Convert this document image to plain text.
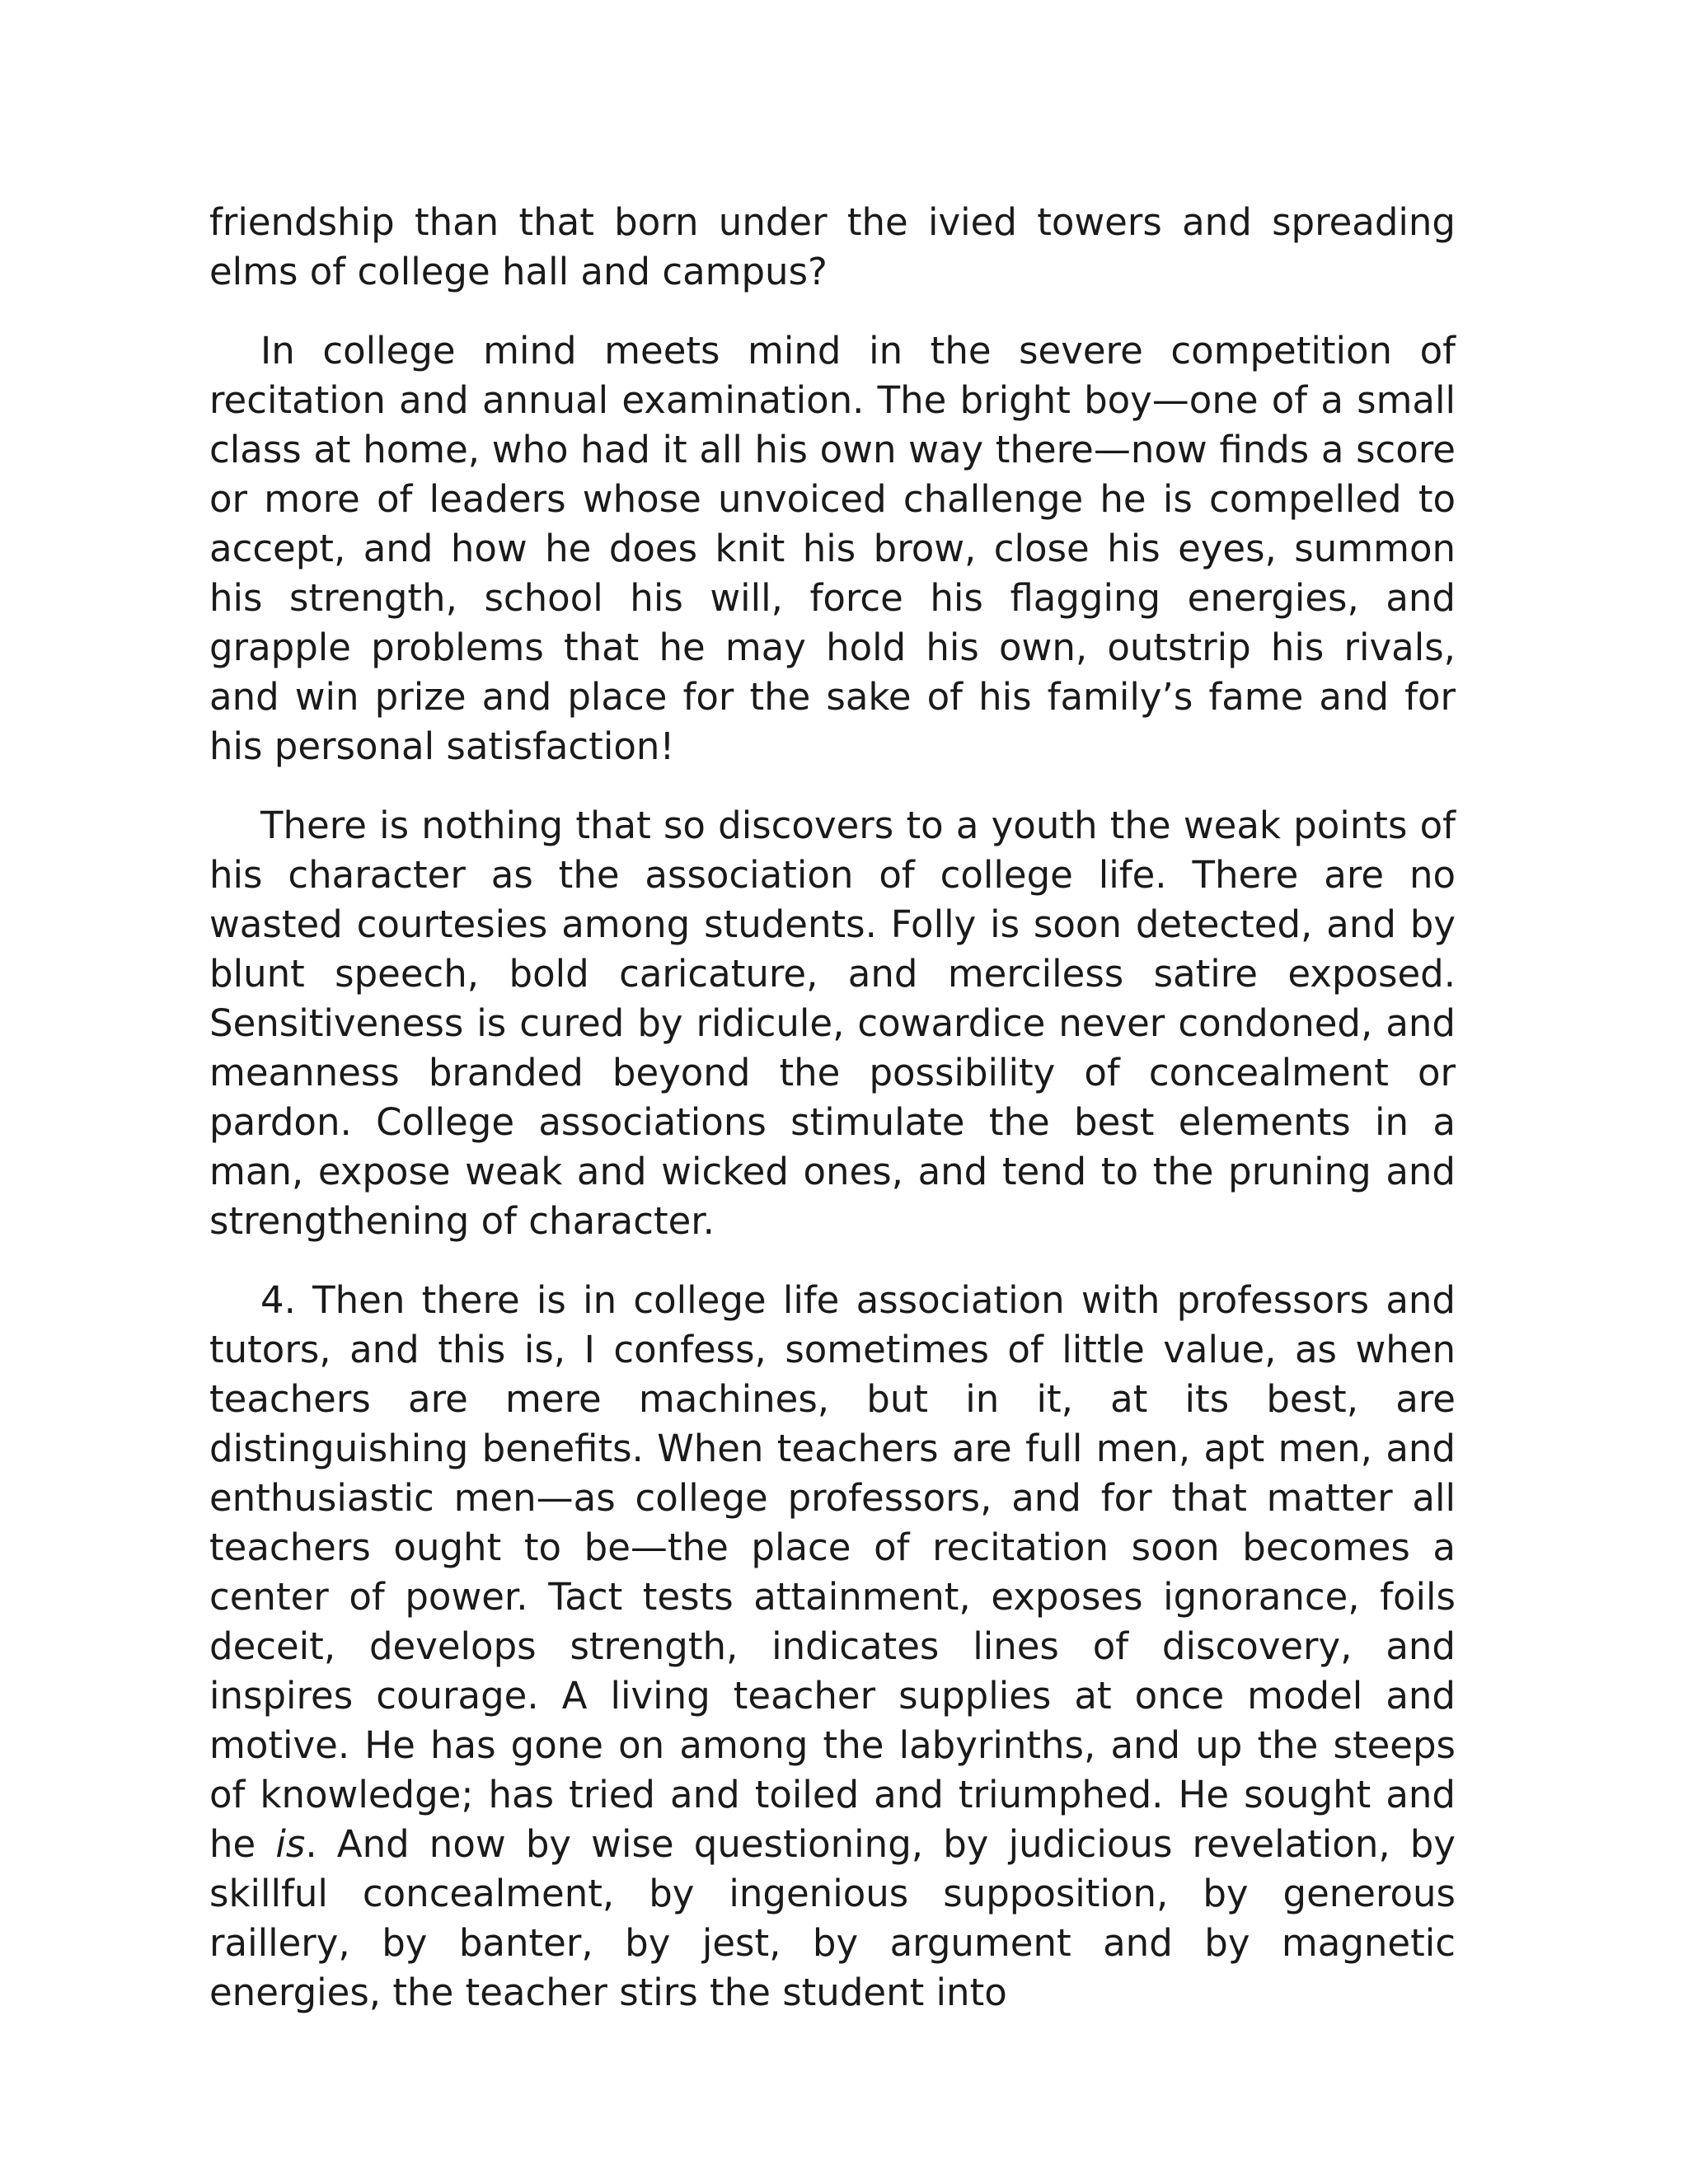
friendship than that born under the ivied towers and spreading elms of college hall and campus?

In college mind meets mind in the severe competition of recitation and annual examination. The bright boy—one of a small class at home, who had it all his own way there—now finds a score or more of leaders whose unvoiced challenge he is compelled to accept, and how he does knit his brow, close his eyes, summon his strength, school his will, force his flagging energies, and grapple problems that he may hold his own, outstrip his rivals, and win prize and place for the sake of his family’s fame and for his personal satisfaction!

There is nothing that so discovers to a youth the weak points of his character as the association of college life. There are no wasted courtesies among students. Folly is soon detected, and by blunt speech, bold caricature, and merciless satire exposed. Sensitiveness is cured by ridicule, cowardice never condoned, and meanness branded beyond the possibility of concealment or pardon. College associations stimulate the best elements in a man, expose weak and wicked ones, and tend to the pruning and strengthening of character.

4. Then there is in college life association with professors and tutors, and this is, I confess, sometimes of little value, as when teachers are mere machines, but in it, at its best, are distinguishing benefits. When teachers are full men, apt men, and enthusiastic men—as college professors, and for that matter all teachers ought to be—the place of recitation soon becomes a center of power. Tact tests attainment, exposes ignorance, foils deceit, develops strength, indicates lines of discovery, and inspires courage. A living teacher supplies at once model and motive. He has gone on among the labyrinths, and up the steeps of knowledge; has tried and toiled and triumphed. He sought and he is. And now by wise questioning, by judicious revelation, by skillful concealment, by ingenious supposition, by generous raillery, by banter, by jest, by argument and by magnetic energies, the teacher stirs the student into
